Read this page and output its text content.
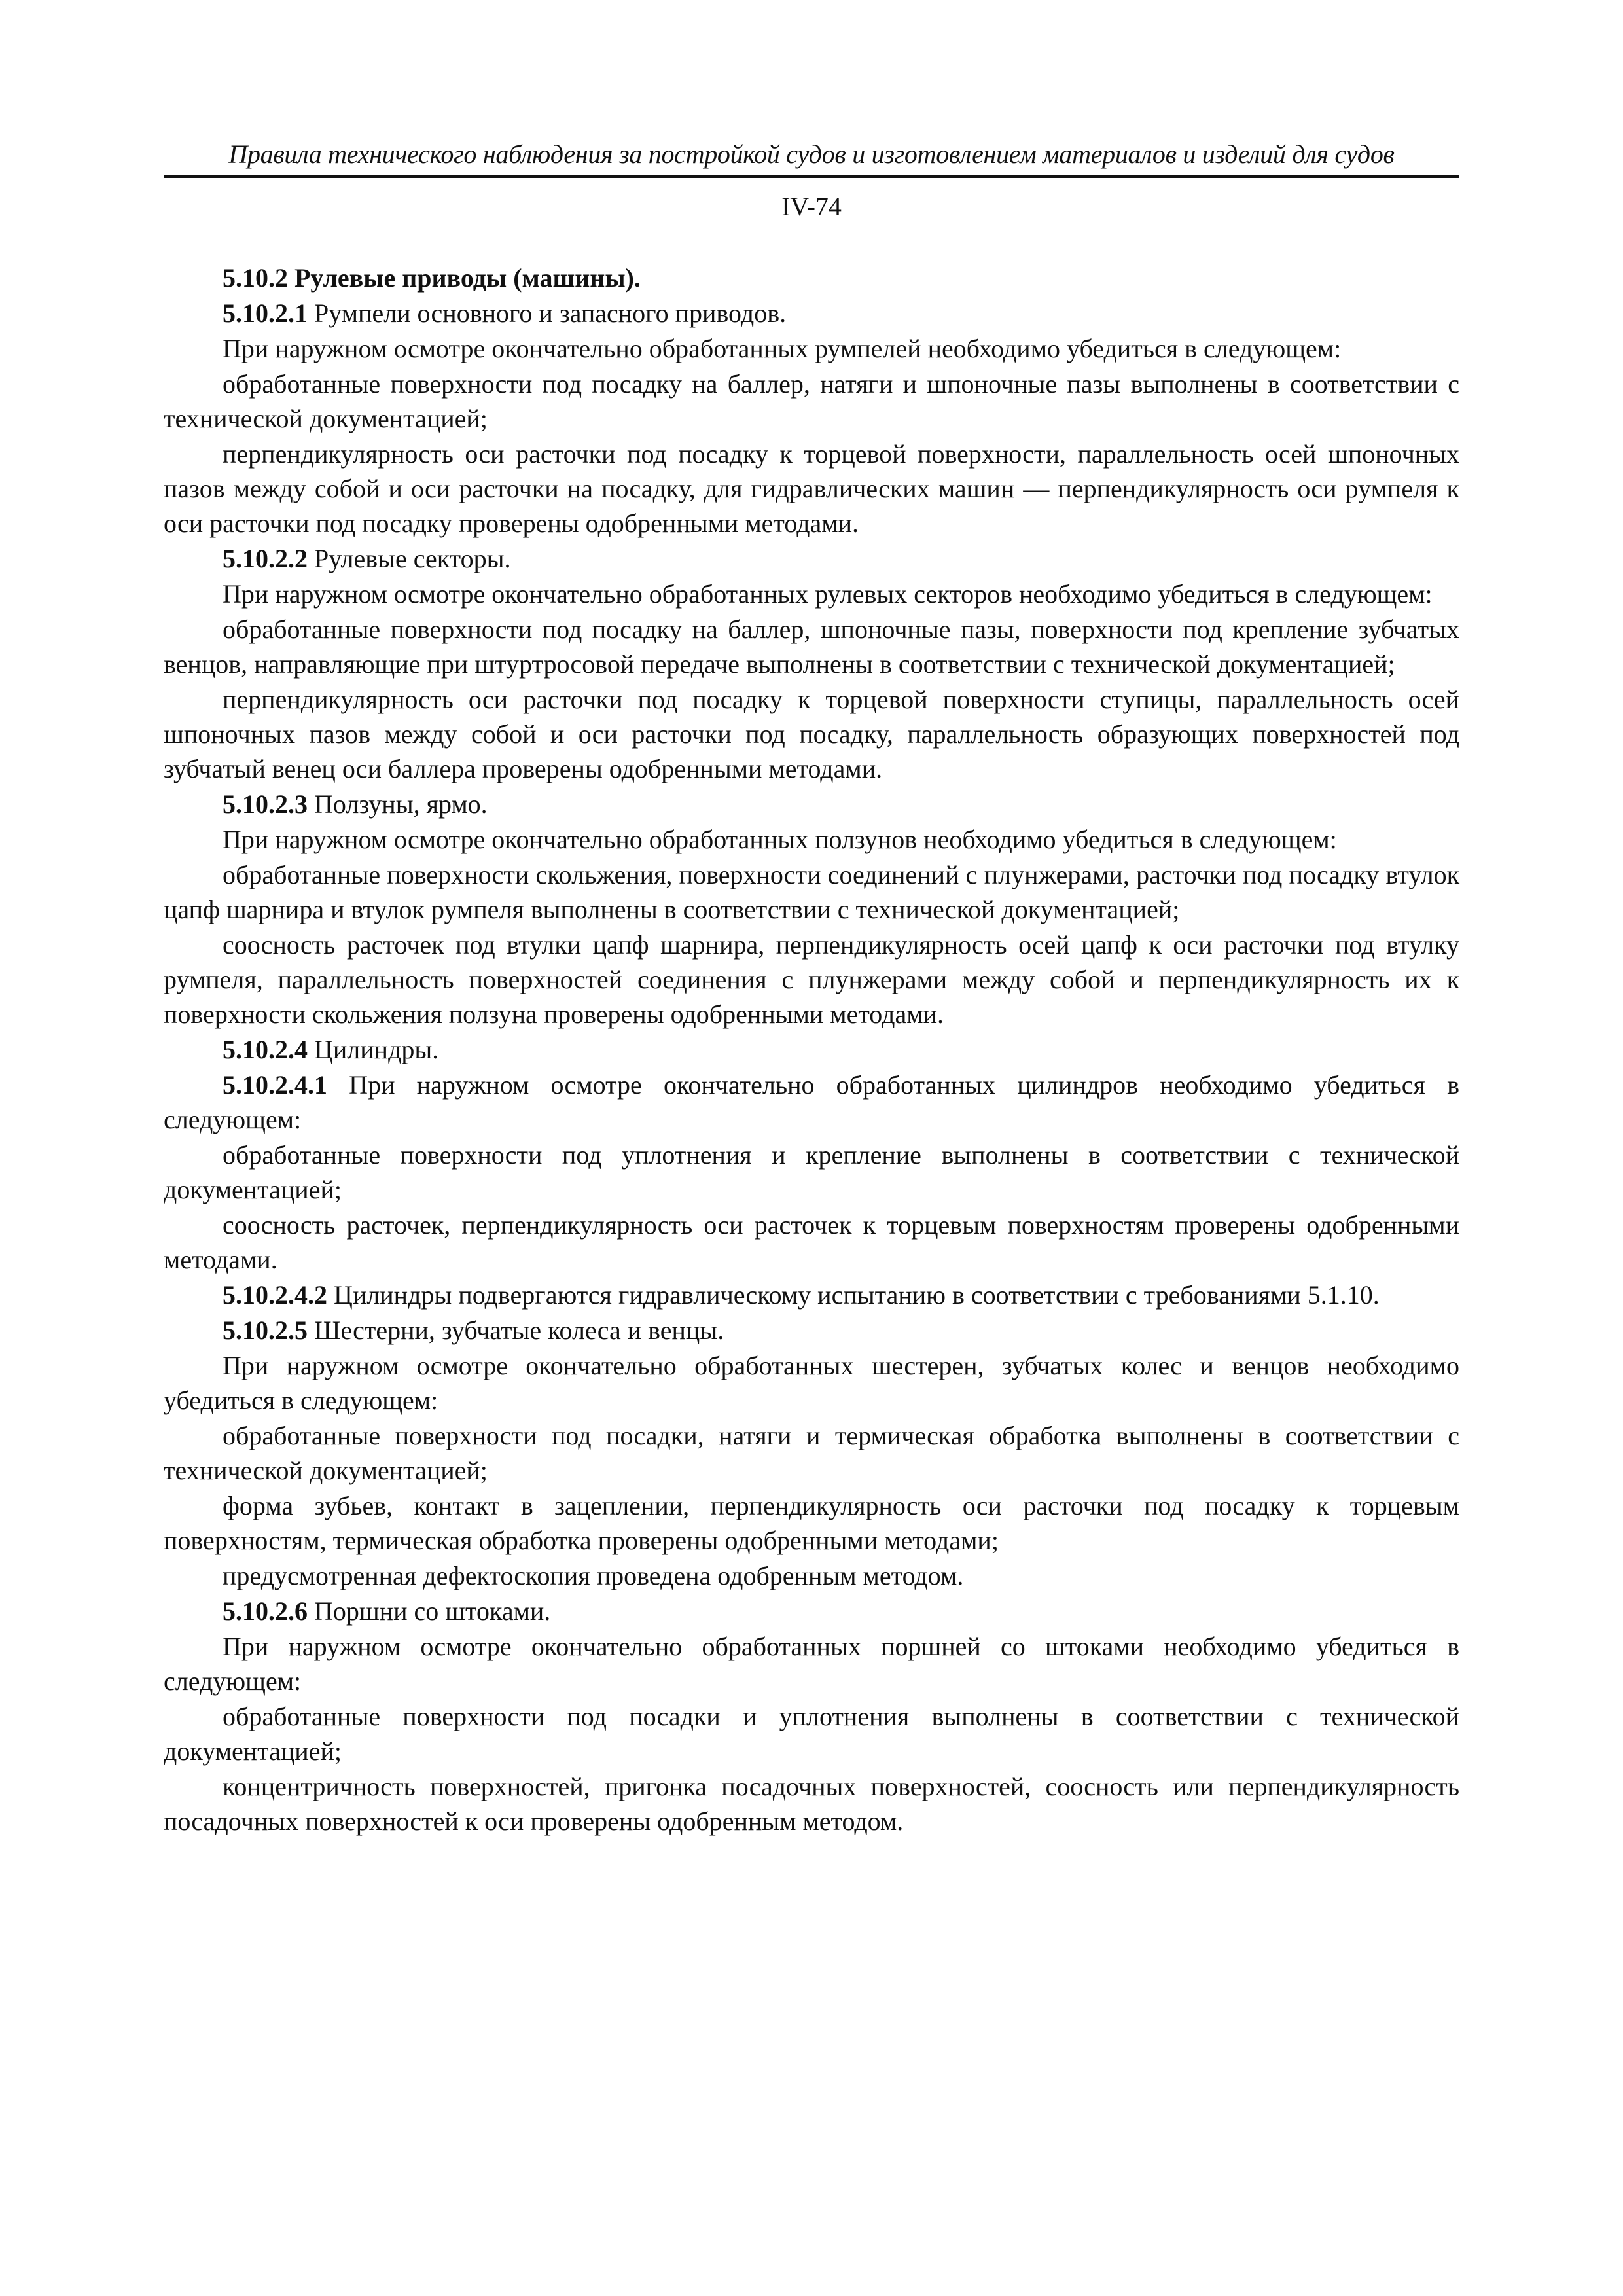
Правила технического наблюдения за постройкой судов и изготовлением материалов и изделий для судов
IV-74

5.10.2 Рулевые приводы (машины).

5.10.2.1 Румпели основного и запасного приводов.

При наружном осмотре окончательно обработанных румпелей необходимо убедиться в следующем:

обработанные поверхности под посадку на баллер, натяги и шпоночные пазы выполнены в соответствии с технической документацией;

перпендикулярность оси расточки под посадку к торцевой поверхности, параллельность осей шпоночных пазов между собой и оси расточки на посадку, для гидравлических машин — перпендикулярность оси румпеля к оси расточки под посадку проверены одобренными методами.

5.10.2.2 Рулевые секторы.

При наружном осмотре окончательно обработанных рулевых секторов необходимо убедиться в следующем:

обработанные поверхности под посадку на баллер, шпоночные пазы, поверхности под крепление зубчатых венцов, направляющие при штуртросовой передаче выполнены в соответствии с технической документацией;

перпендикулярность оси расточки под посадку к торцевой поверхности ступицы, параллельность осей шпоночных пазов между собой и оси расточки под посадку, параллельность образующих поверхностей под зубчатый венец оси баллера проверены одобренными методами.

5.10.2.3 Ползуны, ярмо.

При наружном осмотре окончательно обработанных ползунов необходимо убедиться в следующем:

обработанные поверхности скольжения, поверхности соединений с плунжерами, расточки под посадку втулок цапф шарнира и втулок румпеля выполнены в соответствии с технической документацией;

соосность расточек под втулки цапф шарнира, перпендикулярность осей цапф к оси расточки под втулку румпеля, параллельность поверхностей соединения с плунжерами между собой и перпендикулярность их к поверхности скольжения ползуна проверены одобренными методами.

5.10.2.4 Цилиндры.

5.10.2.4.1 При наружном осмотре окончательно обработанных цилиндров необходимо убедиться в следующем:

обработанные поверхности под уплотнения и крепление выполнены в соответствии с технической документацией;

соосность расточек, перпендикулярность оси расточек к торцевым поверхностям проверены одобренными методами.

5.10.2.4.2 Цилиндры подвергаются гидравлическому испытанию в соответствии с требованиями 5.1.10.

5.10.2.5 Шестерни, зубчатые колеса и венцы.

При наружном осмотре окончательно обработанных шестерен, зубчатых колес и венцов необходимо убедиться в следующем:

обработанные поверхности под посадки, натяги и термическая обработка выполнены в соответствии с технической документацией;

форма зубьев, контакт в зацеплении, перпендикулярность оси расточки под посадку к торцевым поверхностям, термическая обработка проверены одобренными методами;

предусмотренная дефектоскопия проведена одобренным методом.

5.10.2.6 Поршни со штоками.

При наружном осмотре окончательно обработанных поршней со штоками необходимо убедиться в следующем:

обработанные поверхности под посадки и уплотнения выполнены в соответствии с технической документацией;

концентричность поверхностей, пригонка посадочных поверхностей, соосность или перпендикулярность посадочных поверхностей к оси проверены одобренным методом.
